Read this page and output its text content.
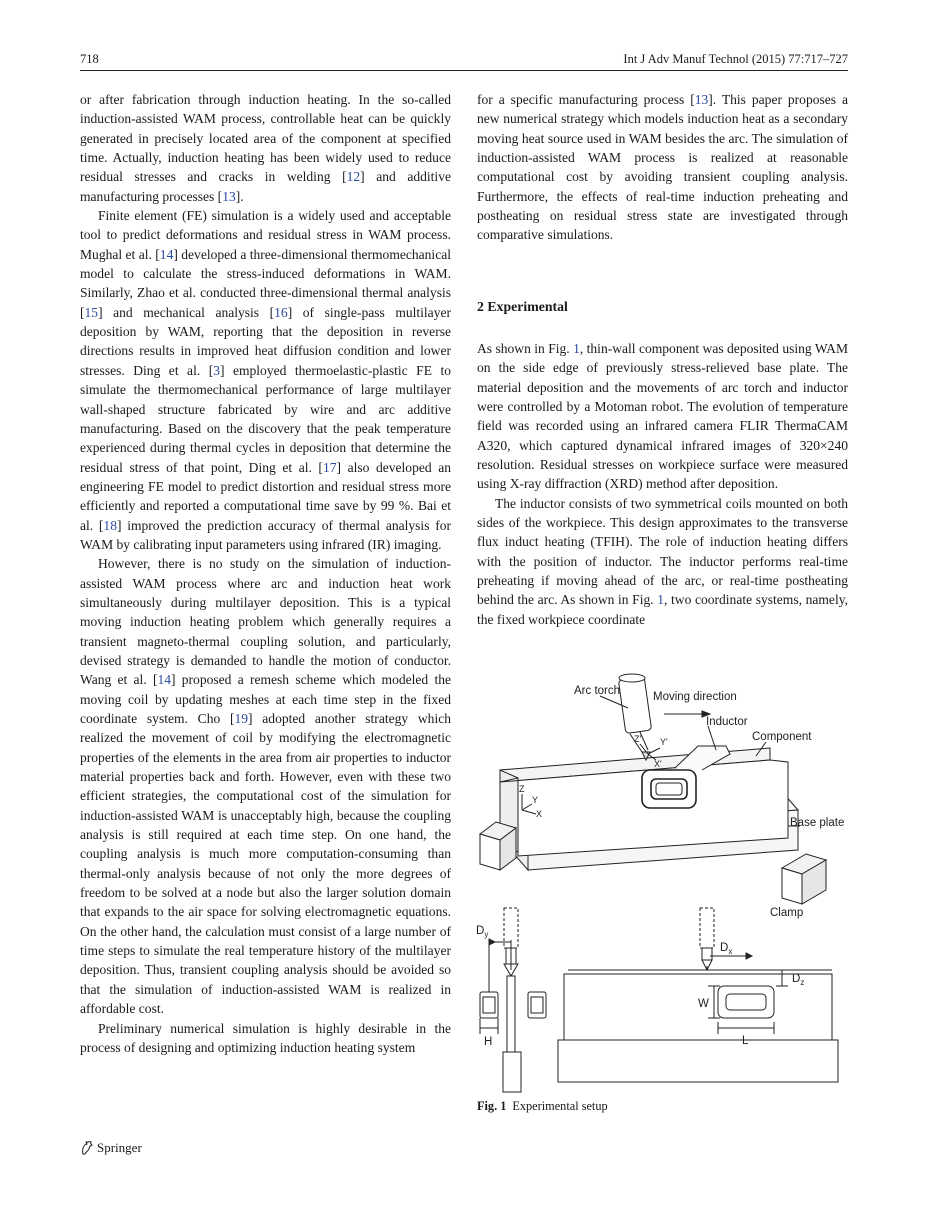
718	Int J Adv Manuf Technol (2015) 77:717–727

or after fabrication through induction heating. In the so-called induction-assisted WAM process, controllable heat can be quickly generated in precisely located area of the component at specified time. Actually, induction heating has been widely used to reduce residual stresses and cracks in welding [12] and additive manufacturing processes [13].

Finite element (FE) simulation is a widely used and acceptable tool to predict deformations and residual stress in WAM process. Mughal et al. [14] developed a three-dimensional thermomechanical model to calculate the stress-induced deformations in WAM. Similarly, Zhao et al. conducted three-dimensional thermal analysis [15] and mechanical analysis [16] of single-pass multilayer deposition by WAM, reporting that the deposition in reverse directions results in improved heat diffusion condition and lower stresses. Ding et al. [3] employed thermoelastic-plastic FE to simulate the thermomechanical performance of large multilayer wall-shaped structure fabricated by wire and arc additive manufacturing. Based on the discovery that the peak temperature experienced during thermal cycles in deposition that determine the residual stress of that point, Ding et al. [17] also developed an engineering FE model to predict distortion and residual stress more efficiently and reported a computational time save by 99 %. Bai et al. [18] improved the prediction accuracy of thermal analysis for WAM by calibrating input parameters using infrared (IR) imaging.

However, there is no study on the simulation of induction-assisted WAM process where arc and induction heat work simultaneously during multilayer deposition. This is a typical moving induction heating problem which generally requires a transient magneto-thermal coupling solution, and particularly, devised strategy is demanded to handle the motion of conductor. Wang et al. [14] proposed a remesh scheme which modeled the moving coil by updating meshes at each time step in the fixed coordinate system. Cho [19] adopted another strategy which realized the movement of coil by modifying the electromagnetic properties of the elements in the area from air properties to inductor material properties back and forth. However, even with these two efficient strategies, the computational cost of the simulation for induction-assisted WAM is unacceptably high, because the coupling analysis is still required at each time step. On one hand, the coupling analysis is much more computation-consuming than thermal-only analysis because of not only the more degrees of freedom to be solved at a node but also the larger solution domain that expands to the air space for solving electromagnetic equations. On the other hand, the calculation must consist of a large number of time steps to simulate the real temperature history of the multilayer deposition. Thus, transient coupling analysis should be avoided so that the simulation of induction-assisted WAM is realized in affordable cost.

Preliminary numerical simulation is highly desirable in the process of designing and optimizing induction heating system

for a specific manufacturing process [13]. This paper proposes a new numerical strategy which models induction heat as a secondary moving heat source used in WAM besides the arc. The simulation of induction-assisted WAM process is realized at reasonable computational cost by avoiding transient coupling analysis. Furthermore, the effects of real-time induction preheating and postheating on residual stress state are investigated through comparative simulations.

2 Experimental

As shown in Fig. 1, thin-wall component was deposited using WAM on the side edge of previously stress-relieved base plate. The material deposition and the movements of arc torch and inductor were controlled by a Motoman robot. The evolution of temperature field was recorded using an infrared camera FLIR ThermaCAM A320, which captured dynamical infrared images of 320×240 resolution. Residual stresses on workpiece surface were measured using X-ray diffraction (XRD) method after deposition.

The inductor consists of two symmetrical coils mounted on both sides of the workpiece. This design approximates to the transverse flux induct heating (TFIH). The role of induction heating differs with the position of inductor. The inductor performs real-time preheating if moving ahead of the arc, or real-time postheating behind the arc. As shown in Fig. 1, two coordinate systems, namely, the fixed workpiece coordinate

Arc torch	Moving direction
Inductor
Component
Base plate
Clamp
Z
Y
X
Z' Y'
X'
$D_y$
H
$D_x$
$D_z$
W
L
Fig. 1 Experimental setup
Springer
